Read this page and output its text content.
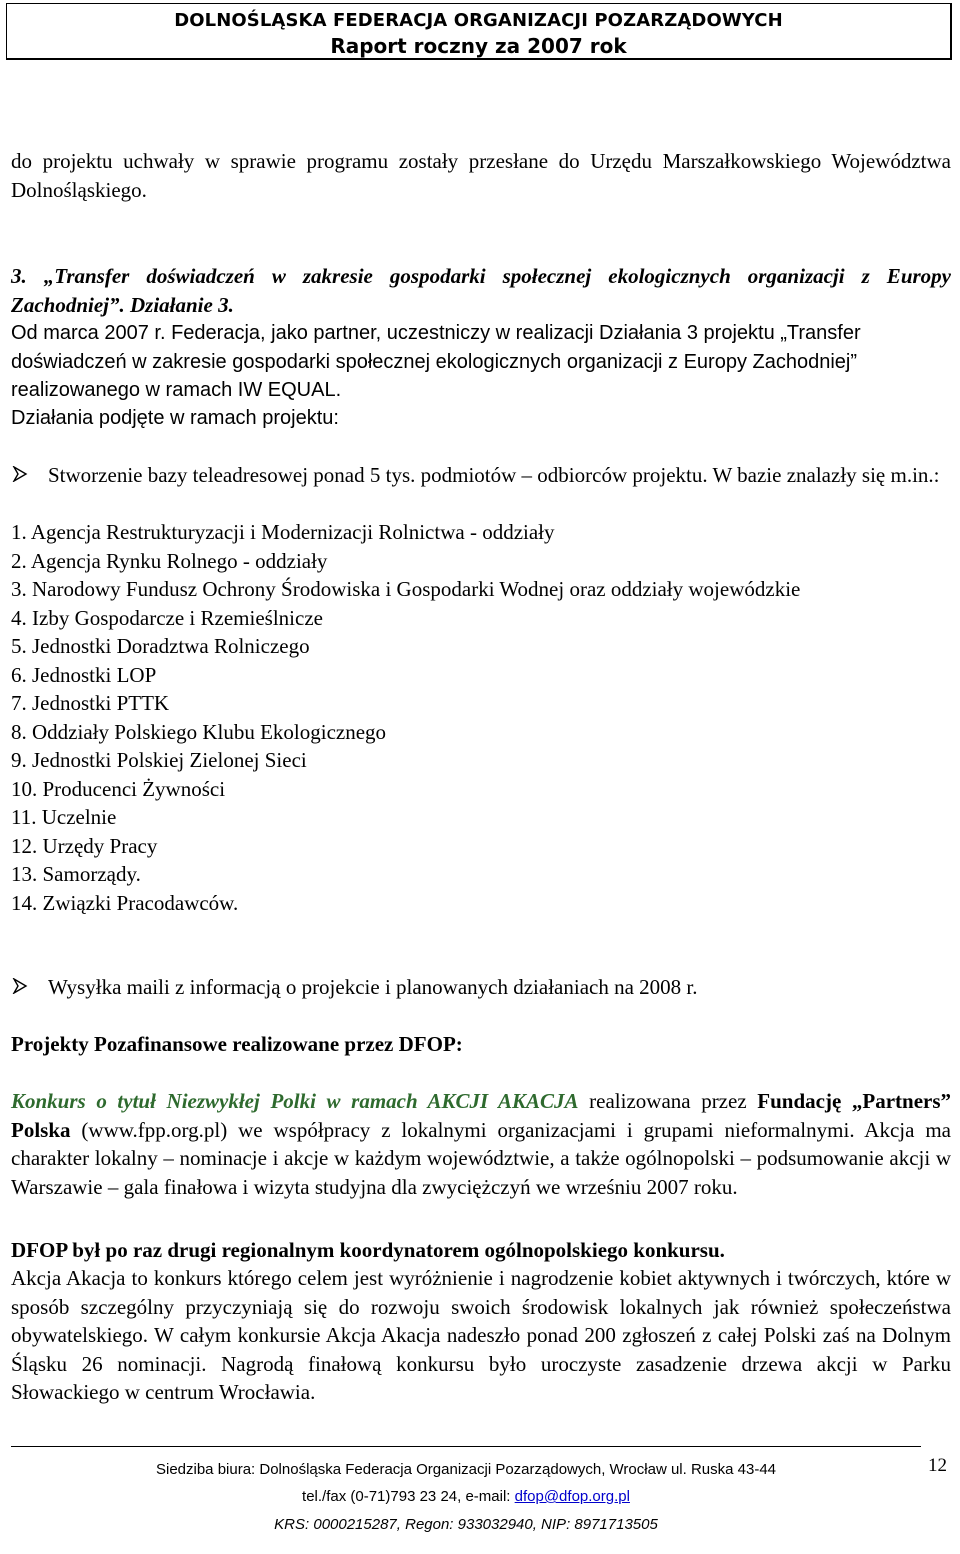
DOLNOŚLĄSKA FEDERACJA ORGANIZACJI POZARZĄDOWYCH
Raport roczny za 2007 rok
do projektu uchwały w sprawie programu zostały przesłane do Urzędu Marszałkowskiego Województwa Dolnośląskiego.
3. „Transfer doświadczeń w zakresie gospodarki społecznej ekologicznych organizacji z Europy Zachodniej”. Działanie 3.
Od marca 2007 r. Federacja, jako partner, uczestniczy w realizacji Działania 3 projektu „Transfer doświadczeń w zakresie gospodarki społecznej ekologicznych organizacji z Europy Zachodniej” realizowanego w ramach IW EQUAL.
Działania podjęte w ramach projektu:
Stworzenie bazy teleadresowej ponad 5 tys. podmiotów – odbiorców projektu. W bazie znalazły się m.in.:
1. Agencja Restrukturyzacji i Modernizacji Rolnictwa - oddziały
2. Agencja Rynku Rolnego - oddziały
3. Narodowy Fundusz Ochrony Środowiska i Gospodarki Wodnej oraz oddziały wojewódzkie
4. Izby Gospodarcze i Rzemieślnicze
5. Jednostki Doradztwa Rolniczego
6. Jednostki LOP
7. Jednostki PTTK
8. Oddziały Polskiego Klubu Ekologicznego
9. Jednostki Polskiej Zielonej Sieci
10. Producenci Żywności
11. Uczelnie
12. Urzędy Pracy
13. Samorządy.
14. Związki Pracodawców.
Wysyłka maili z informacją o projekcie i planowanych działaniach na 2008 r.
Projekty Pozafinansowe realizowane przez DFOP:
Konkurs o tytuł Niezwykłej Polki w ramach AKCJI AKACJA realizowana przez Fundację „Partners” Polska (www.fpp.org.pl) we współpracy z lokalnymi organizacjami i grupami nieformalnymi. Akcja ma charakter lokalny – nominacje i akcje w każdym województwie, a także ogólnopolski – podsumowanie akcji w Warszawie – gala finałowa i wizyta studyjna dla zwyciężczyń we wrześniu 2007 roku.
DFOP był po raz drugi regionalnym koordynatorem ogólnopolskiego konkursu.
Akcja Akacja to konkurs którego celem jest wyróżnienie i nagrodzenie kobiet aktywnych i twórczych, które w sposób szczególny przyczyniają się do rozwoju swoich środowisk lokalnych jak również społeczeństwa obywatelskiego. W całym konkursie Akcja Akacja nadeszło ponad 200 zgłoszeń z całej Polski zaś na Dolnym Śląsku 26 nominacji. Nagrodą finałową konkursu było uroczyste zasadzenie drzewa akcji w Parku Słowackiego w centrum Wrocławia.
Siedziba biura: Dolnośląska Federacja Organizacji Pozarządowych, Wrocław ul. Ruska 43-44
tel./fax (0-71)793 23 24, e-mail: dfop@dfop.org.pl
KRS: 0000215287, Regon: 933032940, NIP: 8971713505
12
